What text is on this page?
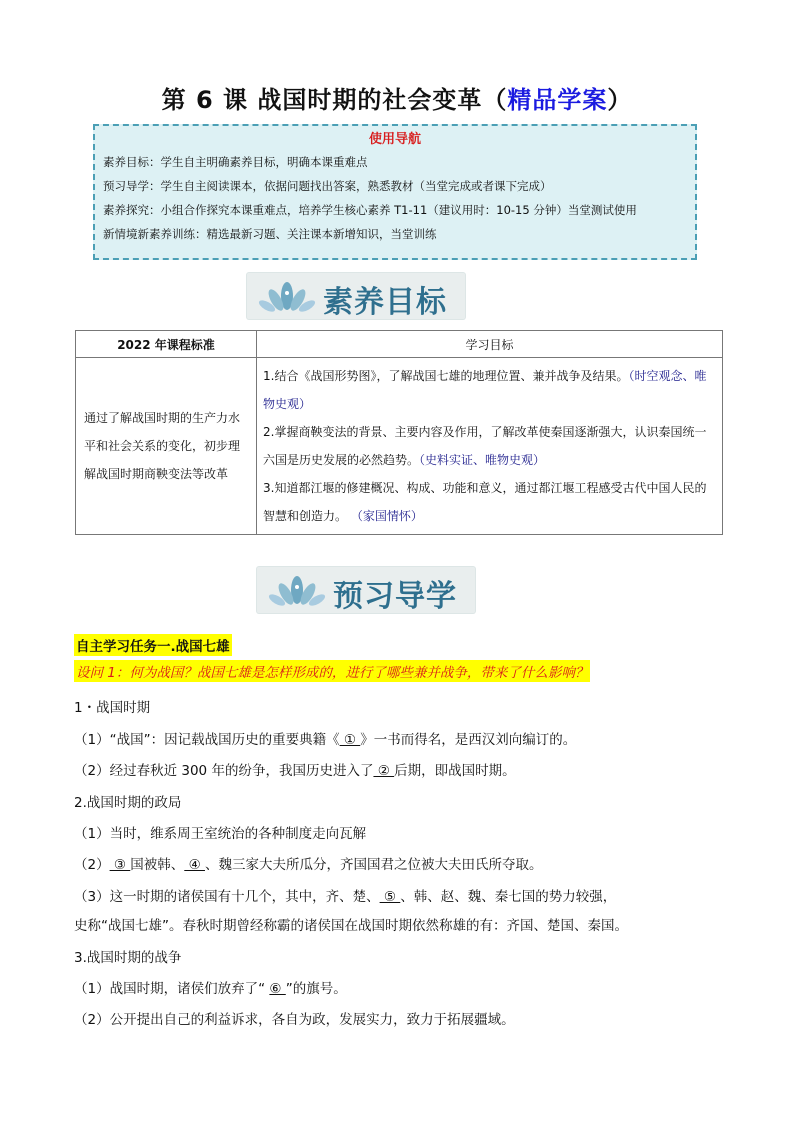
第 6 课 战国时期的社会变革（精品学案）
使用导航
素养目标：学生自主明确素养目标，明确本课重难点
预习导学：学生自主阅读课本，依据问题找出答案，熟悉教材（当堂完成或者课下完成）
素养探究：小组合作探究本课重难点，培养学生核心素养 T1-11（建议用时：10-15 分钟）当堂测试使用
新情境新素养训练：精选最新习题、关注课本新增知识，当堂训练
素养目标
2022 年课程标准	学习目标
通过了解战国时期的生产力水平和社会关系的变化，初步理解战国时期商鞅变法等改革	1.结合《战国形势图》，了解战国七雄的地理位置、兼并战争及结果。（时空观念、唯物史观）
2.掌握商鞅变法的背景、主要内容及作用，了解改革使秦国逐渐强大，认识秦国统一六国是历史发展的必然趋势。（史料实证、唯物史观）
3.知道都江堰的修建概况、构成、功能和意义，通过都江堰工程感受古代中国人民的智慧和创造力。 （家国情怀）
预习导学
自主学习任务一.战国七雄
设问 1：何为战国？战国七雄是怎样形成的，进行了哪些兼并战争，带来了什么影响？
1・战国时期
（1）“战国”：因记载战国历史的重要典籍《 ① 》一书而得名，是西汉刘向编订的。
（2）经过春秋近 300 年的纷争，我国历史进入了 ② 后期，即战国时期。
2.战国时期的政局
（1）当时，维系周王室统治的各种制度走向瓦解
（2） ③ 国被韩、 ④ 、魏三家大夫所瓜分，齐国国君之位被大夫田氏所夺取。
（3）这一时期的诸侯国有十几个，其中，齐、楚、 ⑤ 、韩、赵、魏、秦七国的势力较强，
史称“战国七雄”。春秋时期曾经称霸的诸侯国在战国时期依然称雄的有：齐国、楚国、秦国。
3.战国时期的战争
（1）战国时期，诸侯们放弃了“ ⑥ ”的旗号。
（2）公开提出自己的利益诉求，各自为政，发展实力，致力于拓展疆域。
